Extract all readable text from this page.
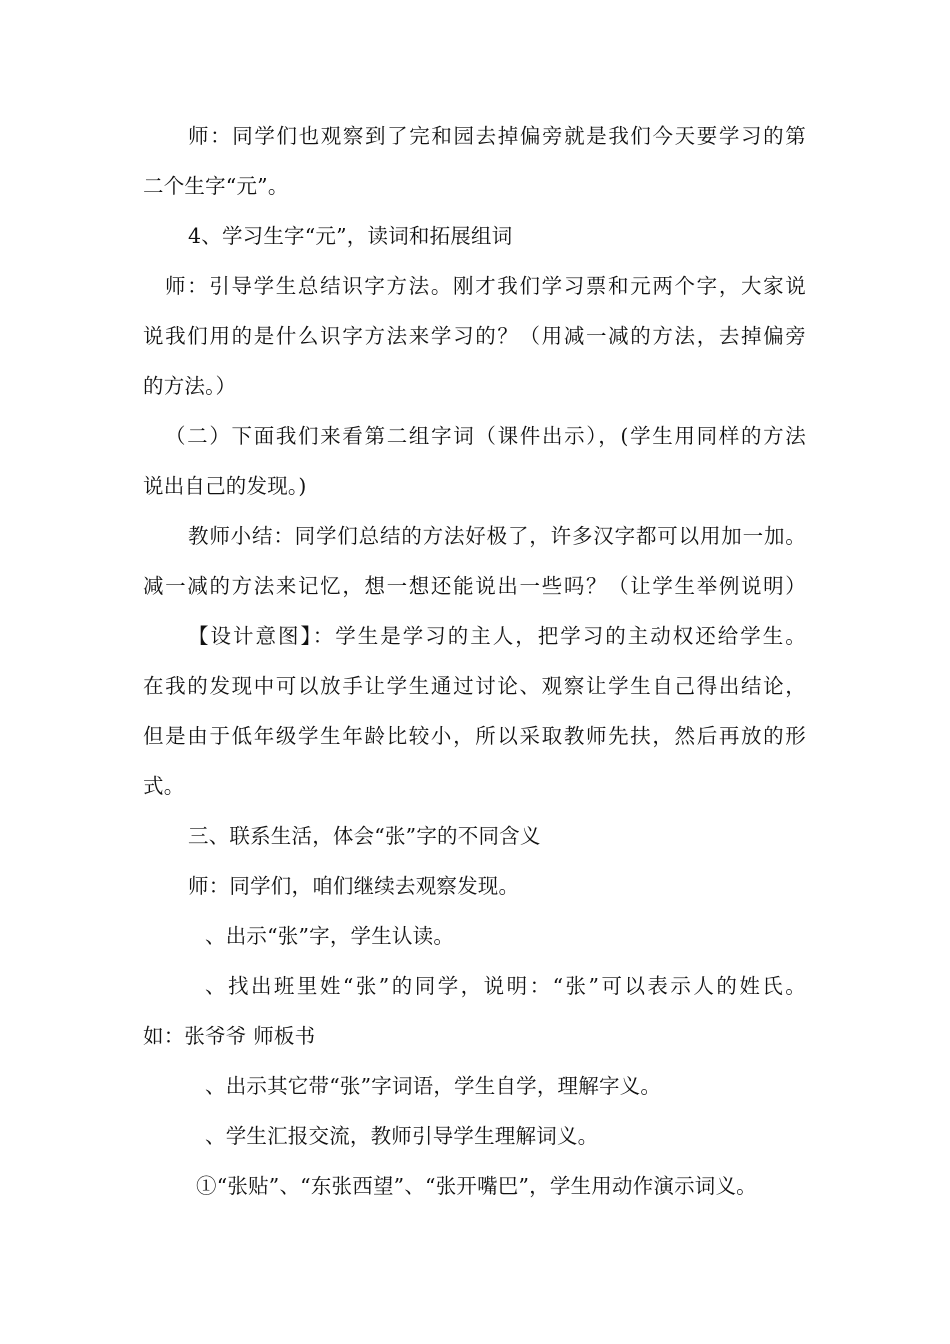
师：同学们也观察到了完和园去掉偏旁就是我们今天要学习的第
二个生字“元”。
4、学习生字“元”，读词和拓展组词
师：引导学生总结识字方法。刚才我们学习票和元两个字，大家说
说我们用的是什么识字方法来学习的？（用减一减的方法，去掉偏旁
的方法。）
（二）下面我们来看第二组字词（课件出示），(学生用同样的方法
说出自己的发现。)
教师小结：同学们总结的方法好极了，许多汉字都可以用加一加。
减一减的方法来记忆，想一想还能说出一些吗？（让学生举例说明）
【设计意图】：学生是学习的主人，把学习的主动权还给学生。
在我的发现中可以放手让学生通过讨论、观察让学生自己得出结论，
但是由于低年级学生年龄比较小，所以采取教师先扶，然后再放的形
式。
三、联系生活，体会“张”字的不同含义
师：同学们，咱们继续去观察发现。
、出示“张”字，学生认读。
、找出班里姓“张”的同学，说明：“张”可以表示人的姓氏。
如：张爷爷 师板书
、出示其它带“张”字词语，学生自学，理解字义。
、学生汇报交流，教师引导学生理解词义。
①“张贴”、“东张西望”、“张开嘴巴”，学生用动作演示词义。
